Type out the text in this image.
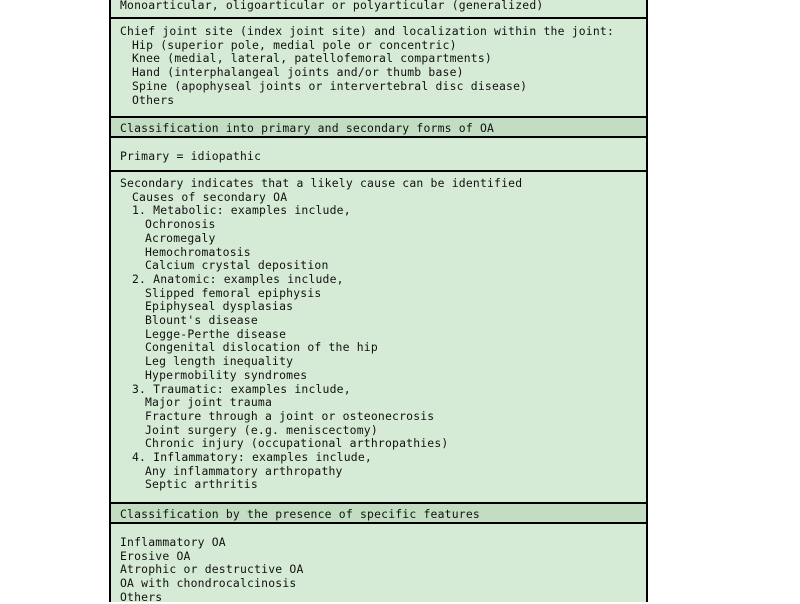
Monoarticular, oligoarticular or polyarticular (generalized)
Chief joint site (index joint site) and localization within the joint:
Hip (superior pole, medial pole or concentric)
Knee (medial, lateral, patellofemoral compartments)
Hand (interphalangeal joints and/or thumb base)
Spine (apophyseal joints or intervertebral disc disease)
Others
Classification into primary and secondary forms of OA
Primary = idiopathic
Secondary indicates that a likely cause can be identified
Causes of secondary OA
1. Metabolic: examples include,
Ochronosis
Acromegaly
Hemochromatosis
Calcium crystal deposition
2. Anatomic: examples include,
Slipped femoral epiphysis
Epiphyseal dysplasias
Blount's disease
Legge-Perthe disease
Congenital dislocation of the hip
Leg length inequality
Hypermobility syndromes
3. Traumatic: examples include,
Major joint trauma
Fracture through a joint or osteonecrosis
Joint surgery (e.g. meniscectomy)
Chronic injury (occupational arthropathies)
4. Inflammatory: examples include,
Any inflammatory arthropathy
Septic arthritis
Classification by the presence of specific features
Inflammatory OA
Erosive OA
Atrophic or destructive OA
OA with chondrocalcinosis
Others
